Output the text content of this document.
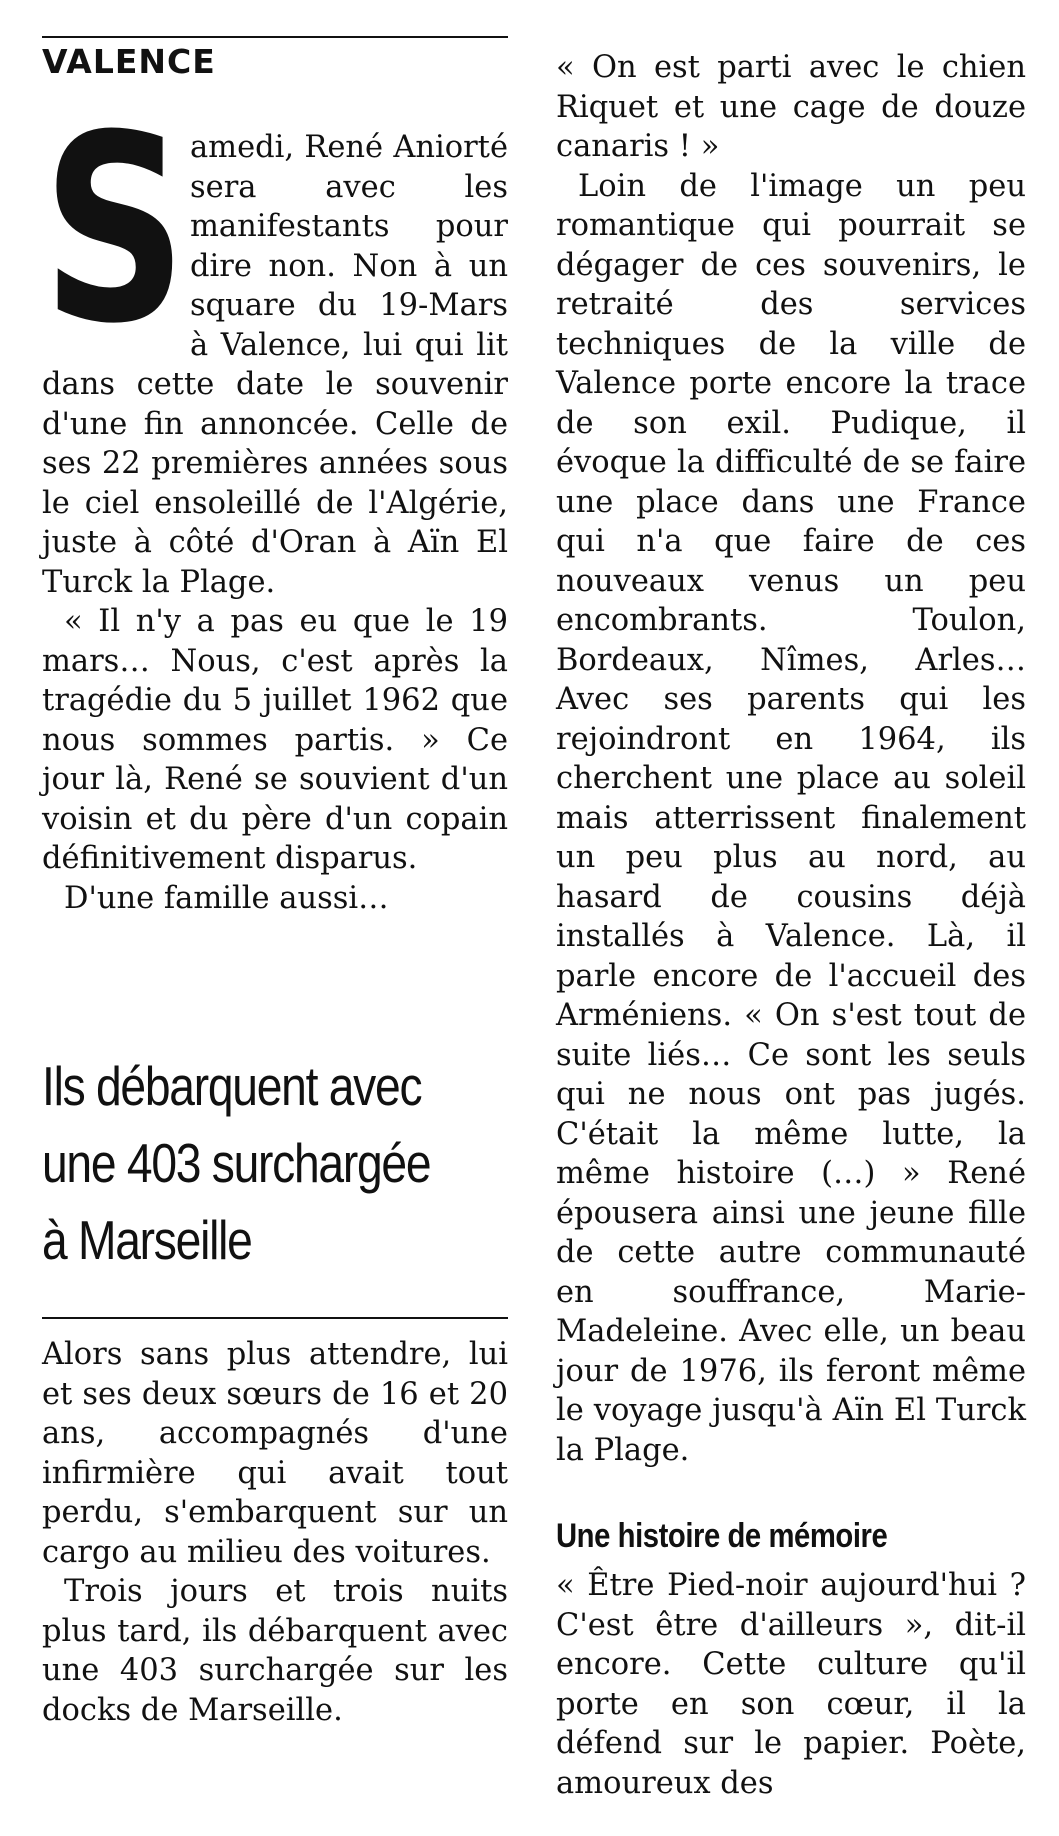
VALENCE
S amedi, René Aniorté sera avec les manifestants pour dire non. Non à un square du 19-Mars à Valence, lui qui lit dans cette date le souvenir d'une fin annoncée. Celle de ses 22 premières années sous le ciel ensoleillé de l'Algérie, juste à côté d'Oran à Aïn El Turck la Plage.

« Il n'y a pas eu que le 19 mars… Nous, c'est après la tragédie du 5 juillet 1962 que nous sommes partis. » Ce jour là, René se souvient d'un voisin et du père d'un copain définitivement disparus.

D'une famille aussi…

Ils débarquent avec
une 403 surchargée
à Marseille

Alors sans plus attendre, lui et ses deux sœurs de 16 et 20 ans, accompagnés d'une infirmière qui avait tout perdu, s'embarquent sur un cargo au milieu des voitures.

Trois jours et trois nuits plus tard, ils débarquent avec une 403 surchargée sur les docks de Marseille.

« On est parti avec le chien Riquet et une cage de douze canaris ! »

Loin de l'image un peu romantique qui pourrait se dégager de ces souvenirs, le retraité des services techniques de la ville de Valence porte encore la trace de son exil. Pudique, il évoque la difficulté de se faire une place dans une France qui n'a que faire de ces nouveaux venus un peu encombrants. Toulon, Bordeaux, Nîmes, Arles… Avec ses parents qui les rejoindront en 1964, ils cherchent une place au soleil mais atterrissent finalement un peu plus au nord, au hasard de cousins déjà installés à Valence. Là, il parle encore de l'accueil des Arméniens. « On s'est tout de suite liés… Ce sont les seuls qui ne nous ont pas jugés. C'était la même lutte, la même histoire (…) » René épousera ainsi une jeune fille de cette autre communauté en souffrance, Marie-Madeleine. Avec elle, un beau jour de 1976, ils feront même le voyage jusqu'à Aïn El Turck la Plage.

Une histoire de mémoire

« Être Pied-noir aujourd'hui ? C'est être d'ailleurs », dit-il encore. Cette culture qu'il porte en son cœur, il la défend sur le papier. Poète, amoureux des
